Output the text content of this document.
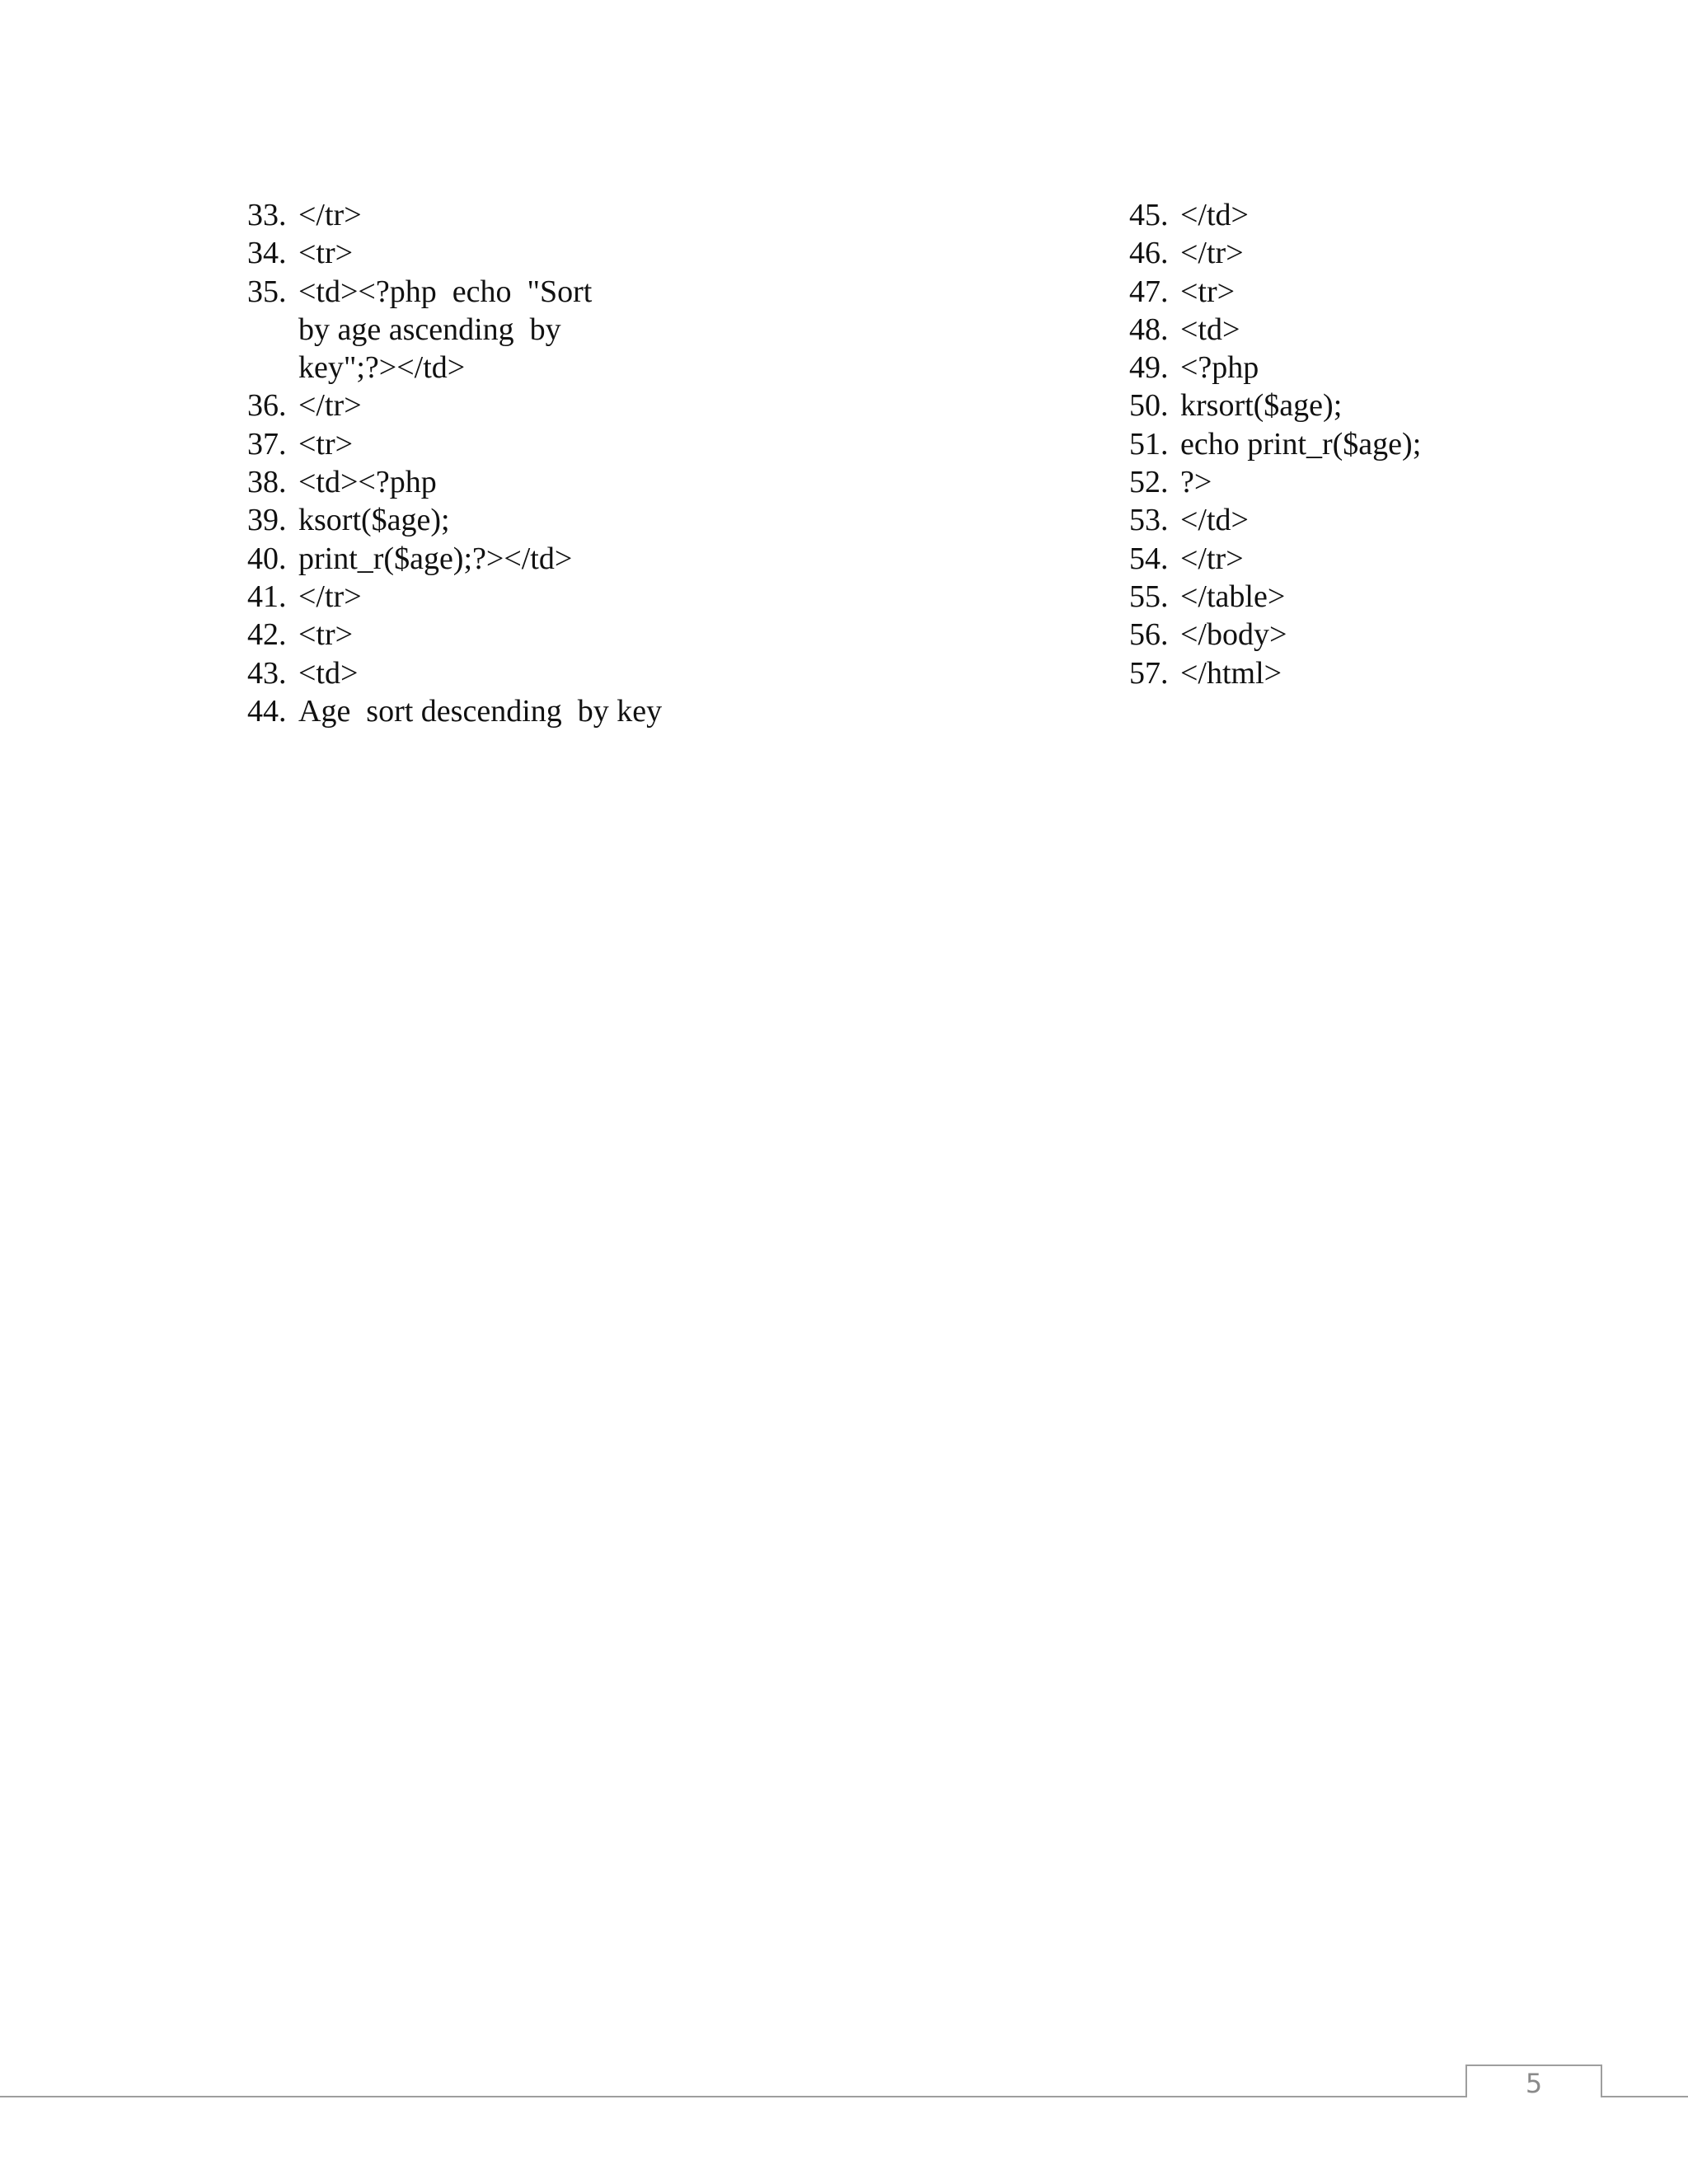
33. </tr>
34. <tr>
35. <td><?php  echo  "Sort
by age ascending  by
key";?></td>
36. </tr>
37. <tr>
38. <td><?php
39. ksort($age);
40. print_r($age);?></td>
41. </tr>
42. <tr>
43. <td>
44. Age  sort descending  by key
45. </td>
46. </tr>
47. <tr>
48. <td>
49. <?php
50. krsort($age);
51. echo print_r($age);
52. ?>
53. </td>
54. </tr>
55. </table>
56. </body>
57. </html>
5
